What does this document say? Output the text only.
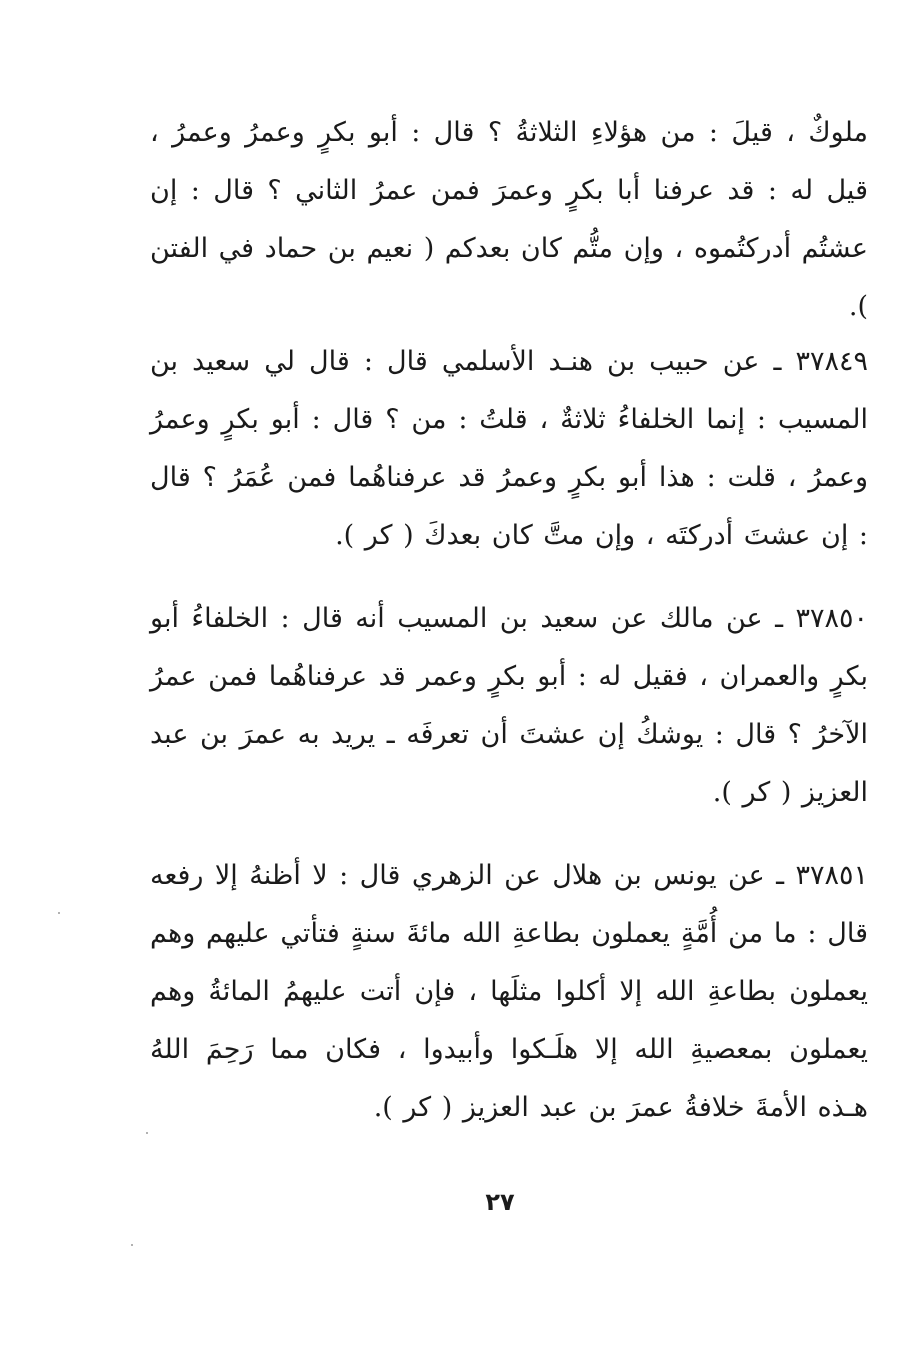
ملوكٌ ، قيلَ : من هؤلاءِ الثلاثةُ ؟ قال : أبو بكرٍ وعمرُ وعمرُ ، قيل له : قد عرفنا أبا بكرٍ وعمرَ فمن عمرُ الثاني ؟ قال : إن عشتُم أدركتُموه ، وإن متُّم كان بعدكم ( نعيم بن حماد في الفتن ).

٣٧٨٤٩ ـ عن حبيب بن هنـد الأسلمي قال : قال لي سعيد بن المسيب : إنما الخلفاءُ ثلاثةٌ ، قلتُ : من ؟ قال : أبو بكرٍ وعمرُ وعمرُ ، قلت : هذا أبو بكرٍ وعمرُ قد عرفناهُما فمن عُمَرُ ؟ قال : إن عشتَ أدركتَه ، وإن متَّ كان بعدكَ ( كر ).

٣٧٨٥٠ ـ عن مالك عن سعيد بن المسيب أنه قال : الخلفاءُ أبو بكرٍ والعمران ، فقيل له : أبو بكرٍ وعمر قد عرفناهُما فمن عمرُ الآخرُ ؟ قال : يوشكُ إن عشتَ أن تعرفَه ـ يريد به عمرَ بن عبد العزيز ( كر ).

٣٧٨٥١ ـ عن يونس بن هلال عن الزهري قال : لا أظنهُ إلا رفعه قال : ما من أُمَّةٍ يعملون بطاعةِ الله مائةَ سنةٍ فتأتي عليهم وهم يعملون بطاعةِ الله إلا أكلوا مثلَها ، فإن أتت عليهمُ المائةُ وهم يعملون بمعصيةِ الله إلا هلَـكوا وأبيدوا ، فكان مما رَحِمَ اللهُ هـذه الأمةَ خلافةُ عمرَ بن عبد العزيز ( كر ).

٢٧
